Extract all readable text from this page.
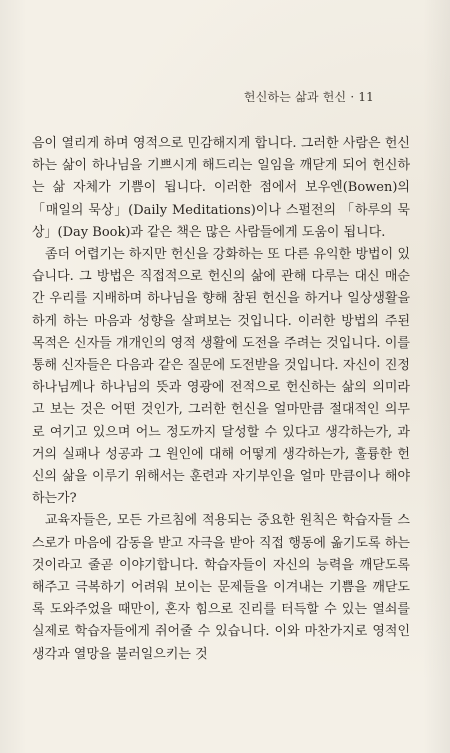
헌신하는 삶과 헌신 · 11

음이 열리게 하며 영적으로 민감해지게 합니다. 그러한 사람은 헌신하는 삶이 하나님을 기쁘시게 해드리는 일임을 깨닫게 되어 헌신하는 삶 자체가 기쁨이 됩니다. 이러한 점에서 보우엔(Bowen)의 「매일의 묵상」(Daily Meditations)이나 스펄전의 「하루의 묵상」(Day Book)과 같은 책은 많은 사람들에게 도움이 됩니다.

좀더 어렵기는 하지만 헌신을 강화하는 또 다른 유익한 방법이 있습니다. 그 방법은 직접적으로 헌신의 삶에 관해 다루는 대신 매순간 우리를 지배하며 하나님을 향해 참된 헌신을 하거나 일상생활을 하게 하는 마음과 성향을 살펴보는 것입니다. 이러한 방법의 주된 목적은 신자들 개개인의 영적 생활에 도전을 주려는 것입니다. 이를 통해 신자들은 다음과 같은 질문에 도전받을 것입니다. 자신이 진정 하나님께나 하나님의 뜻과 영광에 전적으로 헌신하는 삶의 의미라고 보는 것은 어떤 것인가, 그러한 헌신을 얼마만큼 절대적인 의무로 여기고 있으며 어느 정도까지 달성할 수 있다고 생각하는가, 과거의 실패나 성공과 그 원인에 대해 어떻게 생각하는가, 훌륭한 헌신의 삶을 이루기 위해서는 훈련과 자기부인을 얼마 만큼이나 해야 하는가?

교육자들은, 모든 가르침에 적용되는 중요한 원칙은 학습자들 스스로가 마음에 감동을 받고 자극을 받아 직접 행동에 옮기도록 하는 것이라고 줄곧 이야기합니다. 학습자들이 자신의 능력을 깨닫도록 해주고 극복하기 어려워 보이는 문제들을 이겨내는 기쁨을 깨닫도록 도와주었을 때만이, 혼자 힘으로 진리를 터득할 수 있는 열쇠를 실제로 학습자들에게 쥐어줄 수 있습니다. 이와 마찬가지로 영적인 생각과 열망을 불러일으키는 것
